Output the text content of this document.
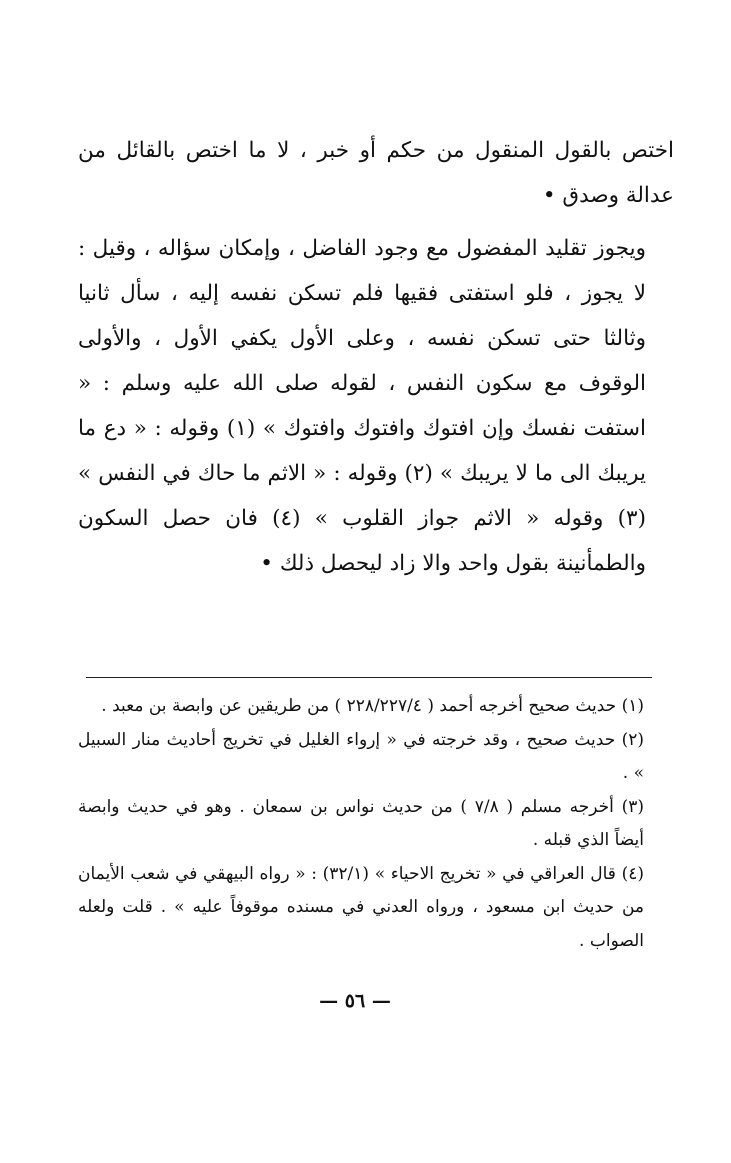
اختص بالقول المنقول من حكم أو خبر ، لا ما اختص بالقائل من عدالة وصدق •

ويجوز تقليد المفضول مع وجود الفاضل ، وإمكان سؤاله ، وقيل : لا يجوز ، فلو استفتى فقيها فلم تسكن نفسه إليه ، سأل ثانيا وثالثا حتى تسكن نفسه ، وعلى الأول يكفي الأول ، والأولى الوقوف مع سكون النفس ، لقوله صلى الله عليه وسلم : « استفت نفسك وإن افتوك وافتوك وافتوك » (١) وقوله : « دع ما يريبك الى ما لا يريبك » (٢) وقوله : « الاثم ما حاك في النفس » (٣) وقوله « الاثم جواز القلوب » (٤) فان حصل السكون والطمأنينة بقول واحد والا زاد ليحصل ذلك •

(١) حديث صحيح أخرجه أحمد ( ٢٢٨/٢٢٧/٤ ) من طريقين عن وابصة بن معبد .

(٢) حديث صحيح ، وقد خرجته في « إرواء الغليل في تخريج أحاديث منار السبيل » .

(٣) أخرجه مسلم ( ٧/٨ ) من حديث نواس بن سمعان . وهو في حديث وابصة أيضاً الذي قبله .

(٤) قال العراقي في « تخريج الاحياء » (٣٢/١) : « رواه البيهقي في شعب الأيمان من حديث ابن مسعود ، ورواه العدني في مسنده موقوفاً عليه » . قلت ولعله الصواب .

— ٥٦ —
